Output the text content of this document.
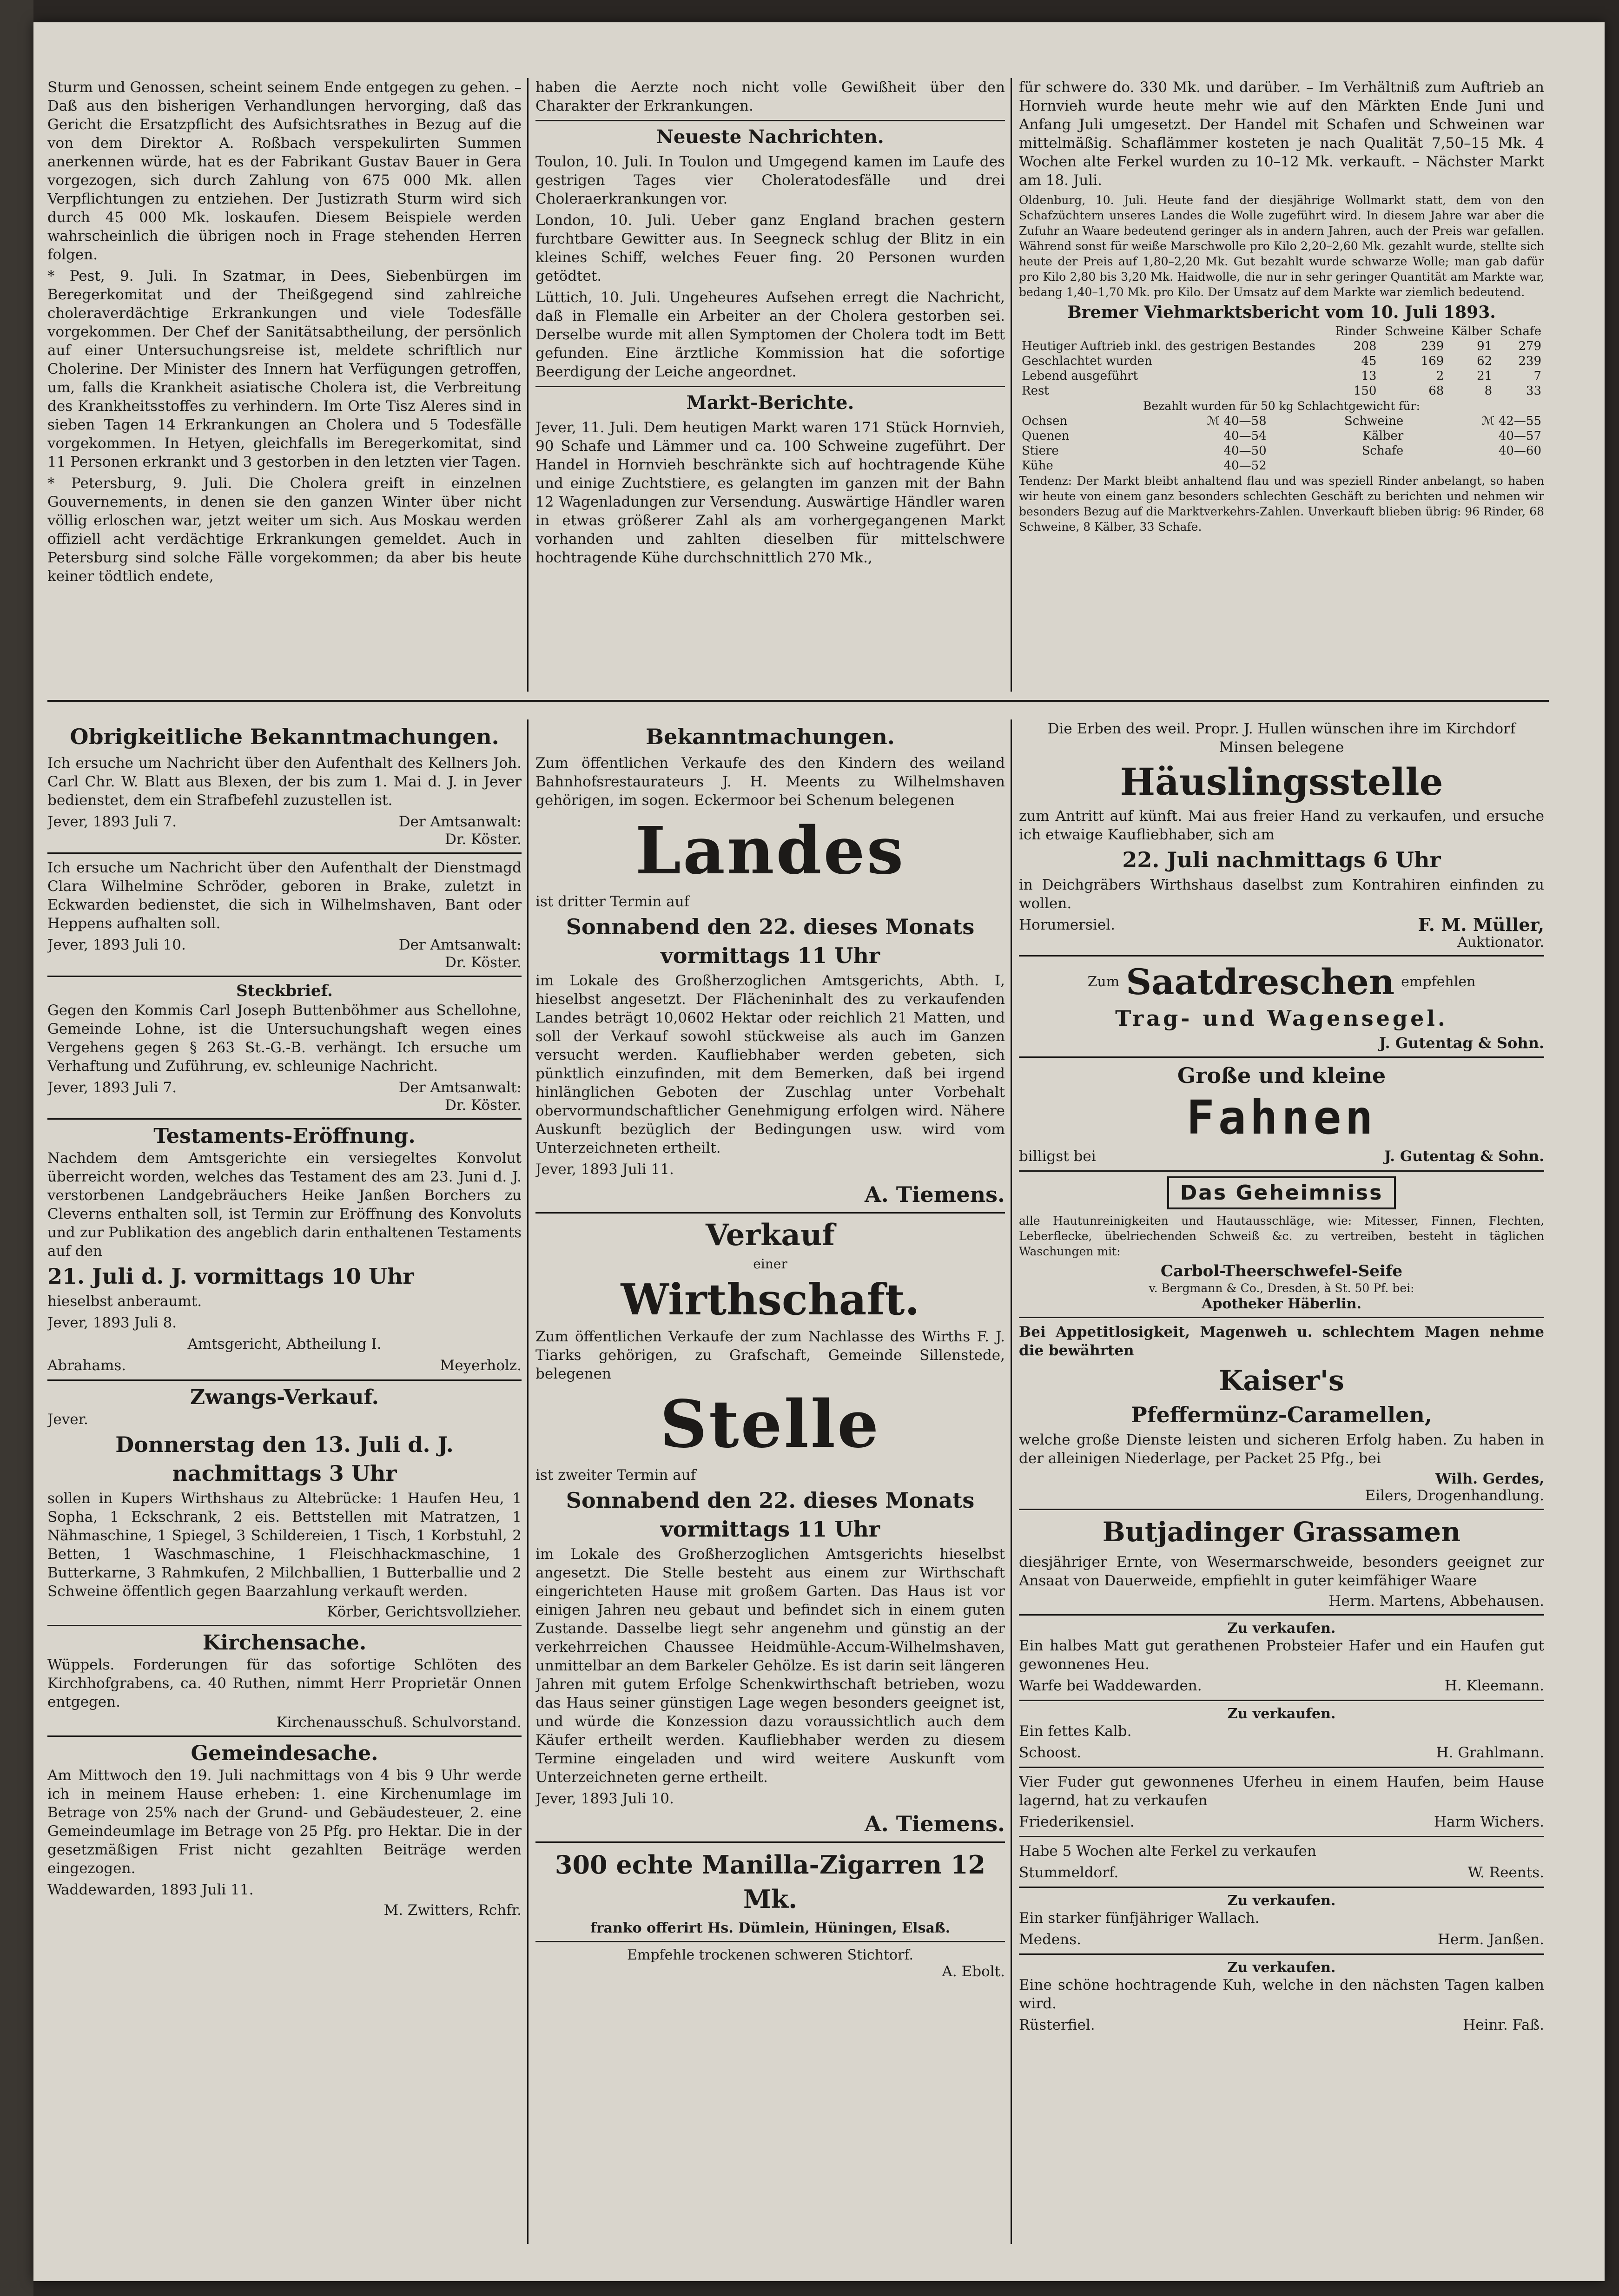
Sturm und Genossen, scheint seinem Ende entgegen zu gehen. – Daß aus den bisherigen Verhandlungen hervorging, daß das Gericht die Ersatzpflicht des Aufsichtsrathes in Bezug auf die von dem Direktor A. Roßbach verspekulirten Summen anerkennen würde, hat es der Fabrikant Gustav Bauer in Gera vorgezogen, sich durch Zahlung von 675 000 Mk. allen Verpflichtungen zu entziehen. Der Justizrath Sturm wird sich durch 45 000 Mk. loskaufen. Diesem Beispiele werden wahrscheinlich die übrigen noch in Frage stehenden Herren folgen.

* Pest, 9. Juli. In Szatmar, in Dees, Siebenbürgen im Beregerkomitat und der Theißgegend sind zahlreiche choleraverdächtige Erkrankungen und viele Todesfälle vorgekommen. Der Chef der Sanitätsabtheilung, der persönlich auf einer Untersuchungsreise ist, meldete schriftlich nur Cholerine. Der Minister des Innern hat Verfügungen getroffen, um, falls die Krankheit asiatische Cholera ist, die Verbreitung des Krankheitsstoffes zu verhindern. Im Orte Tisz Aleres sind in sieben Tagen 14 Erkrankungen an Cholera und 5 Todesfälle vorgekommen. In Hetyen, gleichfalls im Beregerkomitat, sind 11 Personen erkrankt und 3 gestorben in den letzten vier Tagen.

* Petersburg, 9. Juli. Die Cholera greift in einzelnen Gouvernements, in denen sie den ganzen Winter über nicht völlig erloschen war, jetzt weiter um sich. Aus Moskau werden offiziell acht verdächtige Erkrankungen gemeldet. Auch in Petersburg sind solche Fälle vorgekommen; da aber bis heute keiner tödtlich endete,

haben die Aerzte noch nicht volle Gewißheit über den Charakter der Erkrankungen.

Neueste Nachrichten.

Toulon, 10. Juli. In Toulon und Umgegend kamen im Laufe des gestrigen Tages vier Choleratodesfälle und drei Cholerаerkrankungen vor.

London, 10. Juli. Ueber ganz England brachen gestern furchtbare Gewitter aus. In Seegneck schlug der Blitz in ein kleines Schiff, welches Feuer fing. 20 Personen wurden getödtet.

Lüttich, 10. Juli. Ungeheures Aufsehen erregt die Nachricht, daß in Flemalle ein Arbeiter an der Cholera gestorben sei. Derselbe wurde mit allen Symptomen der Cholera todt im Bett gefunden. Eine ärztliche Kommission hat die sofortige Beerdigung der Leiche angeordnet.

Markt-Berichte.

Jever, 11. Juli. Dem heutigen Markt waren 171 Stück Hornvieh, 90 Schafe und Lämmer und ca. 100 Schweine zugeführt. Der Handel in Hornvieh beschränkte sich auf hochtragende Kühe und einige Zuchtstiere, es gelangten im ganzen mit der Bahn 12 Wagenladungen zur Versendung. Auswärtige Händler waren in etwas größerer Zahl als am vorhergegangenen Markt vorhanden und zahlten dieselben für mittelschwere hochtragende Kühe durchschnittlich 270 Mk.,

für schwere do. 330 Mk. und darüber. – Im Verhältniß zum Auftrieb an Hornvieh wurde heute mehr wie auf den Märkten Ende Juni und Anfang Juli umgesetzt. Der Handel mit Schafen und Schweinen war mittelmäßig. Schaflämmer kosteten je nach Qualität 7,50–15 Mk. 4 Wochen alte Ferkel wurden zu 10–12 Mk. verkauft. – Nächster Markt am 18. Juli.

Oldenburg, 10. Juli. Heute fand der diesjährige Wollmarkt statt, dem von den Schafzüchtern unseres Landes die Wolle zugeführt wird. In diesem Jahre war aber die Zufuhr an Waare bedeutend geringer als in andern Jahren, auch der Preis war gefallen. Während sonst für weiße Marschwolle pro Kilo 2,20–2,60 Mk. gezahlt wurde, stellte sich heute der Preis auf 1,80–2,20 Mk. Gut bezahlt wurde schwarze Wolle; man gab dafür pro Kilo 2,80 bis 3,20 Mk. Haidwolle, die nur in sehr geringer Quantität am Markte war, bedang 1,40–1,70 Mk. pro Kilo. Der Umsatz auf dem Markte war ziemlich bedeutend.

Bremer Viehmarktsbericht vom 10. Juli 1893.
	Rinder	Schweine	Kälber	Schafe
Heutiger Auftrieb inkl. des gestrigen Bestandes	208	239	91	279
Geschlachtet wurden	45	169	62	239
Lebend ausgeführt	13	2	21	7
Rest	150	68	8	33
Bezahlt wurden für 50 kg Schlachtgewicht für:
Ochsen	ℳ 40—58	Schweine	ℳ 42—55
Quenen	40—54	Kälber	40—57
Stiere	40—50	Schafe	40—60
Kühe	40—52		

Tendenz: Der Markt bleibt anhaltend flau und was speziell Rinder anbelangt, so haben wir heute von einem ganz besonders schlechten Geschäft zu berichten und nehmen wir besonders Bezug auf die Marktverkehrs-Zahlen. Unverkauft blieben übrig: 96 Rinder, 68 Schweine, 8 Kälber, 33 Schafe.

Obrigkeitliche Bekanntmachungen.

Ich ersuche um Nachricht über den Aufenthalt des Kellners Joh. Carl Chr. W. Blatt aus Blexen, der bis zum 1. Mai d. J. in Jever bedienstet, dem ein Strafbefehl zuzustellen ist.

Jever, 1893 Juli 7.	Der Amtsanwalt:
Dr. Köster.

Ich ersuche um Nachricht über den Aufenthalt der Dienstmagd Clara Wilhelmine Schröder, geboren in Brake, zuletzt in Eckwarden bedienstet, die sich in Wilhelmshaven, Bant oder Heppens aufhalten soll.

Jever, 1893 Juli 10.	Der Amtsanwalt:
Dr. Köster.
Steckbrief.

Gegen den Kommis Carl Joseph Buttenböhmer aus Schellohne, Gemeinde Lohne, ist die Untersuchungshaft wegen eines Vergehens gegen § 263 St.-G.-B. verhängt. Ich ersuche um Verhaftung und Zuführung, ev. schleunige Nachricht.

Jever, 1893 Juli 7.	Der Amtsanwalt:
Dr. Köster.
Testaments-Eröffnung.

Nachdem dem Amtsgerichte ein versiegeltes Konvolut überreicht worden, welches das Testament des am 23. Juni d. J. verstorbenen Landgebräuchers Heike Janßen Borchers zu Cleverns enthalten soll, ist Termin zur Eröffnung des Konvoluts und zur Publikation des angeblich darin enthaltenen Testaments auf den

21. Juli d. J. vormittags 10 Uhr

hieselbst anberaumt.

Jever, 1893 Juli 8.

Amtsgericht, Abtheilung I.

Abrahams.	Meyerholz.
Zwangs-Verkauf.

Jever.

Donnerstag den 13. Juli d. J.
nachmittags 3 Uhr

sollen in Kupers Wirthshaus zu Altebrücke: 1 Haufen Heu, 1 Sopha, 1 Eckschrank, 2 eis. Bettstellen mit Matratzen, 1 Nähmaschine, 1 Spiegel, 3 Schildereien, 1 Tisch, 1 Korbstuhl, 2 Betten, 1 Waschmaschine, 1 Fleischhackmaschine, 1 Butterkarne, 3 Rahmkufen, 2 Milchballien, 1 Butterballie und 2 Schweine öffentlich gegen Baarzahlung verkauft werden.

Körber, Gerichtsvollzieher.
Kirchensache.

Wüppels. Forderungen für das sofortige Schlöten des Kirchhofgrabens, ca. 40 Ruthen, nimmt Herr Proprietär Onnen entgegen.

Kirchenausschuß. Schulvorstand.
Gemeindesache.

Am Mittwoch den 19. Juli nachmittags von 4 bis 9 Uhr werde ich in meinem Hause erheben: 1. eine Kirchenumlage im Betrage von 25% nach der Grund- und Gebäudesteuer, 2. eine Gemeindeumlage im Betrage von 25 Pfg. pro Hektar. Die in der gesetzmäßigen Frist nicht gezahlten Beiträge werden eingezogen.

Waddewarden, 1893 Juli 11.

M. Zwitters, Rchfr.
Bekanntmachungen.

Zum öffentlichen Verkaufe des den Kindern des weiland Bahnhofsrestaurateurs J. H. Meents zu Wilhelmshaven gehörigen, im sogen. Eckermoor bei Schenum belegenen

Landes

ist dritter Termin auf

Sonnabend den 22. dieses Monats
vormittags 11 Uhr

im Lokale des Großherzoglichen Amtsgerichts, Abth. I, hieselbst angesetzt. Der Flächeninhalt des zu verkaufenden Landes beträgt 10,0602 Hektar oder reichlich 21 Matten, und soll der Verkauf sowohl stückweise als auch im Ganzen versucht werden. Kaufliebhaber werden gebeten, sich pünktlich einzufinden, mit dem Bemerken, daß bei irgend hinlänglichen Geboten der Zuschlag unter Vorbehalt obervormundschaftlicher Genehmigung erfolgen wird. Nähere Auskunft bezüglich der Bedingungen usw. wird vom Unterzeichneten ertheilt.

Jever, 1893 Juli 11.

A. Tiemens.
Verkauf
einer
Wirthschaft.

Zum öffentlichen Verkaufe der zum Nachlasse des Wirths F. J. Tiarks gehörigen, zu Grafschaft, Gemeinde Sillenstede, belegenen

Stelle

ist zweiter Termin auf

Sonnabend den 22. dieses Monats
vormittags 11 Uhr

im Lokale des Großherzoglichen Amtsgerichts hieselbst angesetzt. Die Stelle besteht aus einem zur Wirthschaft eingerichteten Hause mit großem Garten. Das Haus ist vor einigen Jahren neu gebaut und befindet sich in einem guten Zustande. Dasselbe liegt sehr angenehm und günstig an der verkehrreichen Chaussee Heidmühle-Accum-Wilhelmshaven, unmittelbar an dem Barkeler Gehölze. Es ist darin seit längeren Jahren mit gutem Erfolge Schenkwirthschaft betrieben, wozu das Haus seiner günstigen Lage wegen besonders geeignet ist, und würde die Konzession dazu voraussichtlich auch dem Käufer ertheilt werden. Kaufliebhaber werden zu diesem Termine eingeladen und wird weitere Auskunft vom Unterzeichneten gerne ertheilt.

Jever, 1893 Juli 10.

A. Tiemens.
300 echte Manilla-Zigarren 12 Mk.
franko offerirt Hs. Dümlein, Hüningen, Elsaß.
Empfehle trockenen schweren Stichtorf.
A. Ebolt.

Die Erben des weil. Propr. J. Hullen wünschen ihre im Kirchdorf Minsen belegene

Häuslingsstelle

zum Antritt auf künft. Mai aus freier Hand zu verkaufen, und ersuche ich etwaige Kaufliebhaber, sich am

22. Juli nachmittags 6 Uhr

in Deichgräbers Wirthshaus daselbst zum Kontrahiren einfinden zu wollen.

Horumersiel.	F. M. Müller,
Auktionator.
Zum Saatdreschen empfehlen
Trag- und Wagensegel.
J. Gutentag & Sohn.
Große und kleine
Fahnen
billigst bei	J. Gutentag & Sohn.
Das Geheimniss

alle Hautunreinigkeiten und Hautausschläge, wie: Mitesser, Finnen, Flechten, Leberflecke, übelriechenden Schweiß &c. zu vertreiben, besteht in täglichen Waschungen mit:

Carbol-Theerschwefel-Seife
v. Bergmann & Co., Dresden, à St. 50 Pf. bei:
Apotheker Häberlin.

Bei Appetitlosigkeit, Magenweh u. schlechtem Magen nehme die bewährten

Kaiser's
Pfeffermünz-Caramellen,

welche große Dienste leisten und sicheren Erfolg haben. Zu haben in der alleinigen Niederlage, per Packet 25 Pfg., bei

Wilh. Gerdes,
Eilers, Drogenhandlung.
Butjadinger Grassamen

diesjähriger Ernte, von Wesermarschweide, besonders geeignet zur Ansaat von Dauerweide, empfiehlt in guter keimfähiger Waare

Herm. Martens, Abbehausen.
Zu verkaufen.

Ein halbes Matt gut gerathenen Probsteier Hafer und ein Haufen gut gewonnenes Heu.

Warfe bei Waddewarden.	H. Kleemann.
Zu verkaufen.

Ein fettes Kalb.

Schoost.	H. Grahlmann.

Vier Fuder gut gewonnenes Uferheu in einem Haufen, beim Hause lagernd, hat zu verkaufen

Friederikensiel.	Harm Wichers.

Habe 5 Wochen alte Ferkel zu verkaufen

Stummeldorf.	W. Reents.
Zu verkaufen.

Ein starker fünfjähriger Wallach.

Medens.	Herm. Janßen.
Zu verkaufen.

Eine schöne hochtragende Kuh, welche in den nächsten Tagen kalben wird.

Rüsterfiel.	Heinr. Faß.
